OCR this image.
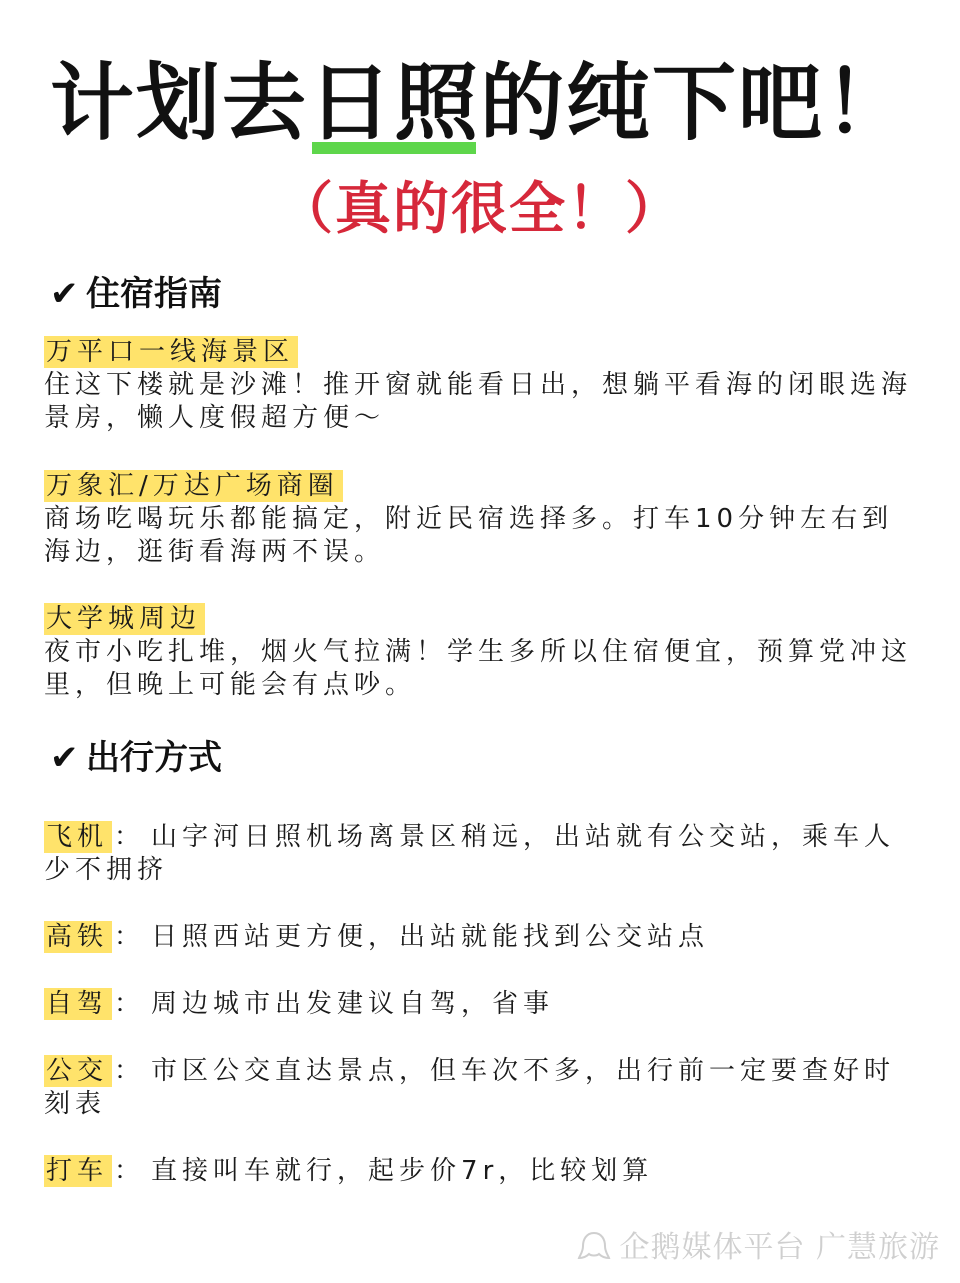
计划去日照的纯下吧！
（真的很全！）
✔ 住宿指南
万平口一线海景区
住这下楼就是沙滩！推开窗就能看日出，想躺平看海的闭眼选海景房，懒人度假超方便～
万象汇/万达广场商圈
商场吃喝玩乐都能搞定，附近民宿选择多。打车10分钟左右到海边，逛街看海两不误。
大学城周边
夜市小吃扎堆，烟火气拉满！学生多所以住宿便宜，预算党冲这里，但晚上可能会有点吵。
✔ 出行方式
飞机 ： 山字河日照机场离景区稍远，出站就有公交站，乘车人少不拥挤
高铁 ： 日照西站更方便，出站就能找到公交站点
自驾 ： 周边城市出发建议自驾，省事
公交 ： 市区公交直达景点，但车次不多，出行前一定要查好时刻表
打车 ： 直接叫车就行，起步价7r，比较划算
企鹅媒体平台 广慧旅游
